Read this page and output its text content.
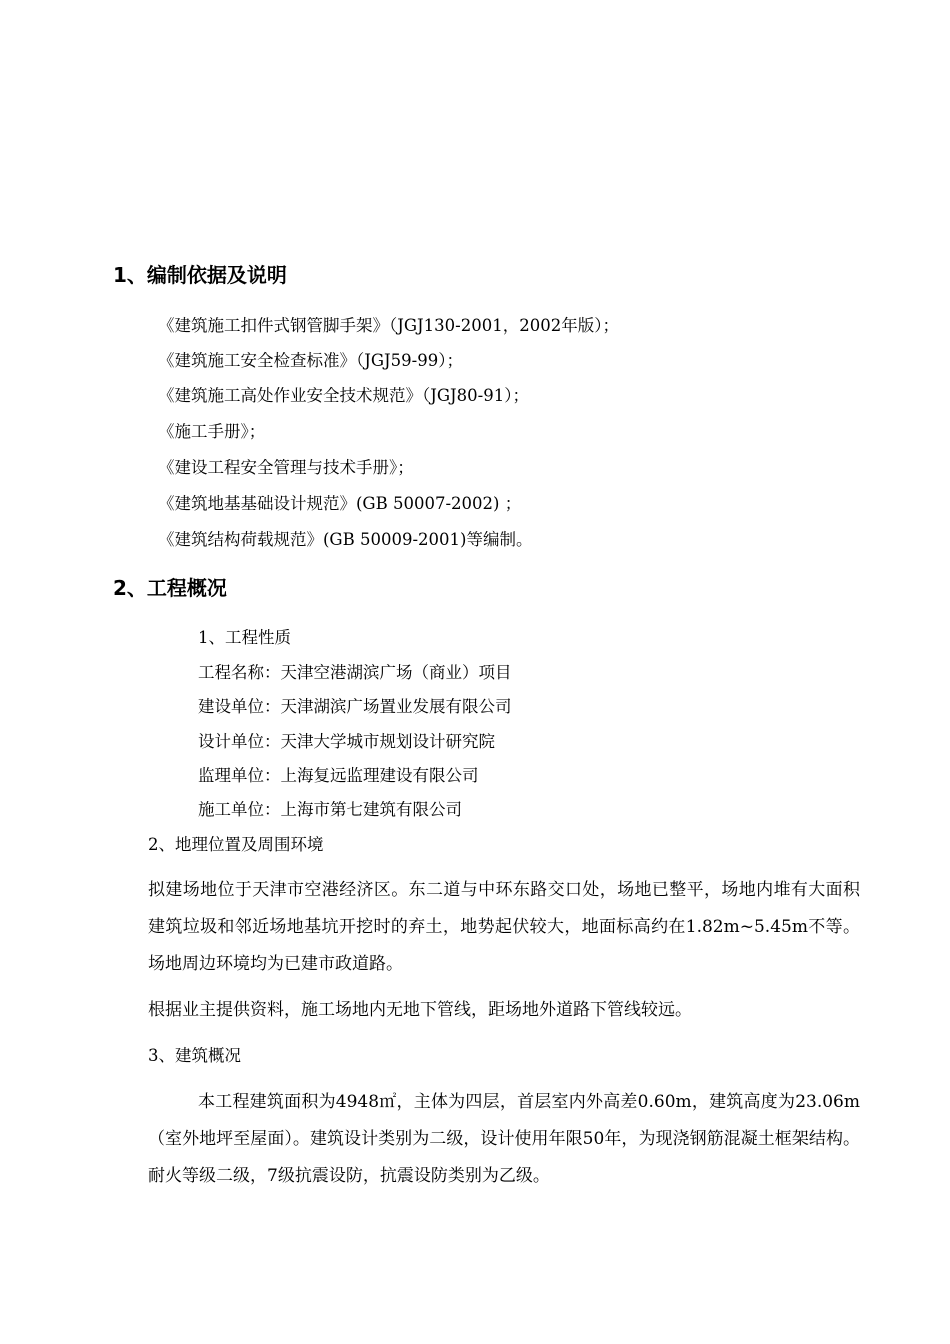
1、编制依据及说明
《建筑施工扣件式钢管脚手架》（JGJ130-2001，2002年版）；
《建筑施工安全检查标准》（JGJ59-99）；
《建筑施工高处作业安全技术规范》（JGJ80-91）；
《施工手册》；
《建设工程安全管理与技术手册》；
《建筑地基基础设计规范》(GB 50007-2002) ；
《建筑结构荷载规范》(GB 50009-2001)等编制。
2、工程概况
1、工程性质
工程名称：天津空港湖滨广场（商业）项目
建设单位：天津湖滨广场置业发展有限公司
设计单位：天津大学城市规划设计研究院
监理单位：上海复远监理建设有限公司
施工单位：上海市第七建筑有限公司
2、地理位置及周围环境
拟建场地位于天津市空港经济区。东二道与中环东路交口处，场地已整平，场地内堆有大面积建筑垃圾和邻近场地基坑开挖时的弃土，地势起伏较大，地面标高约在1.82m~5.45m不等。场地周边环境均为已建市政道路。
根据业主提供资料，施工场地内无地下管线，距场地外道路下管线较远。
3、建筑概况
本工程建筑面积为4948㎡，主体为四层，首层室内外高差0.60m，建筑高度为23.06m（室外地坪至屋面）。建筑设计类别为二级，设计使用年限50年，为现浇钢筋混凝土框架结构。耐火等级二级，7级抗震设防，抗震设防类别为乙级。
